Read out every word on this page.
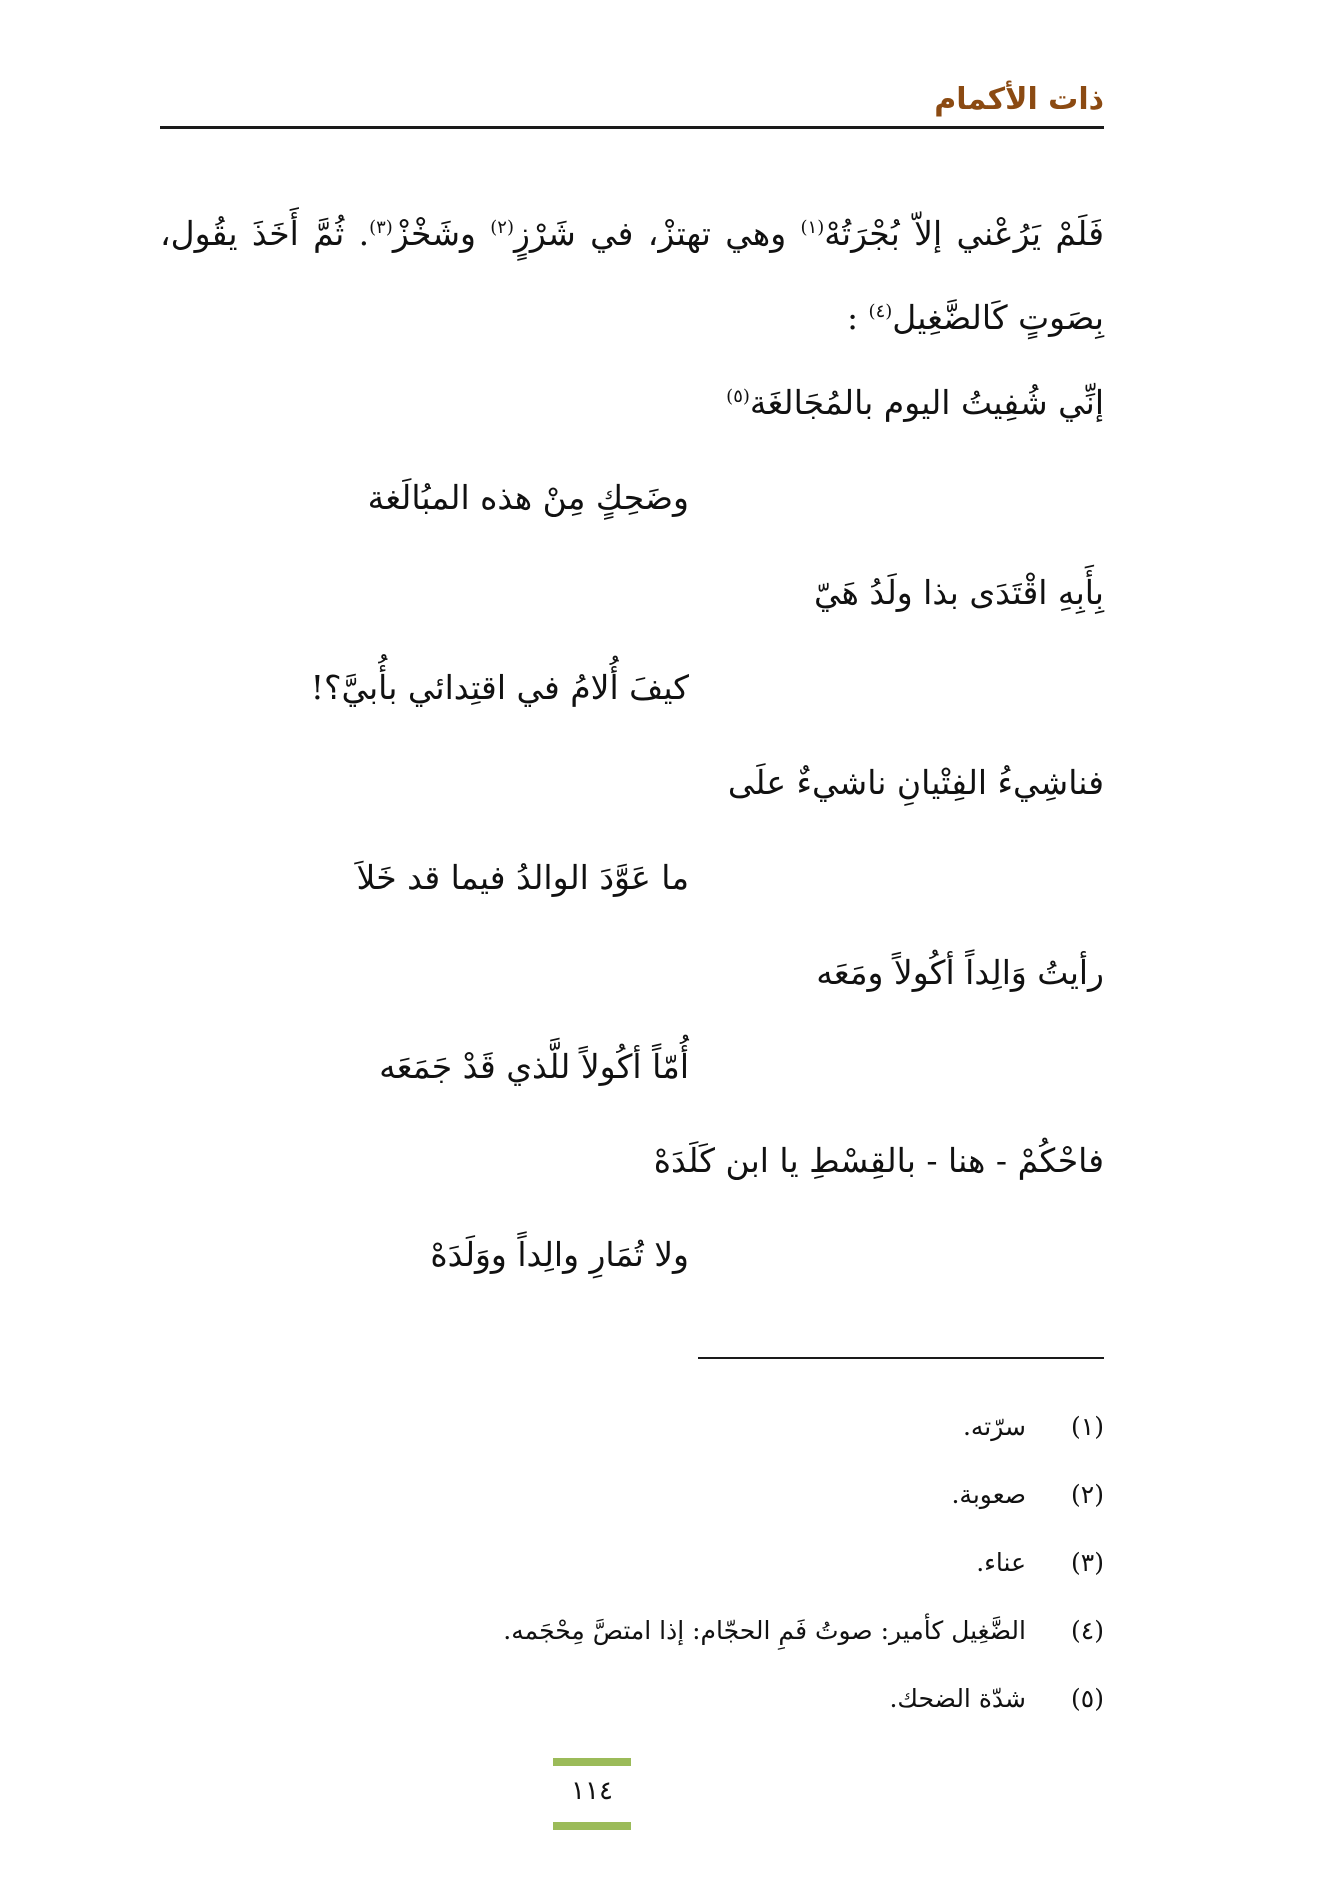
ذات الأكمام
فَلَمْ يَرُعْني إلاّ بُجْرَتُهْ$^{(١)}$ وهي تهتزْ، في شَرْزٍ$^{(٢)}$ وشَخْزْ$^{(٣)}$. ثُمَّ أَخَذَ يقُول، بِصَوتٍ كَالضَّغِيل$^{(٤)}$ :
إنِّي شُفِيتُ اليوم بالمُجَالغَة$^{(٥)}$
وضَحِكٍ مِنْ هذه المبُالَغة
بِأَبِهِ اقْتَدَى بذا ولَدُ هَيّ
كيفَ أُلامُ في اقتِدائي بأُبيَّ؟!
فناشِيءُ الفِتْيانِ ناشيءٌ علَى
ما عَوَّدَ الوالدُ فيما قد خَلاَ
رأيتُ وَالِداً أكُولاً ومَعَه
أُمّاً أكُولاً للَّذي قَدْ جَمَعَه
فاحْكُمْ - هنا - بالقِسْطِ يا ابن كَلَدَهْ
ولا تُمَارِ والِداً ووَلَدَهْ
(١)
سرّته.
(٢)
صعوبة.
(٣)
عناء.
(٤)
الضَّغِيل كأمير: صوتُ فَمِ الحجّام: إذا امتصَّ مِحْجَمه.
(٥)
شدّة الضحك.
١١٤
